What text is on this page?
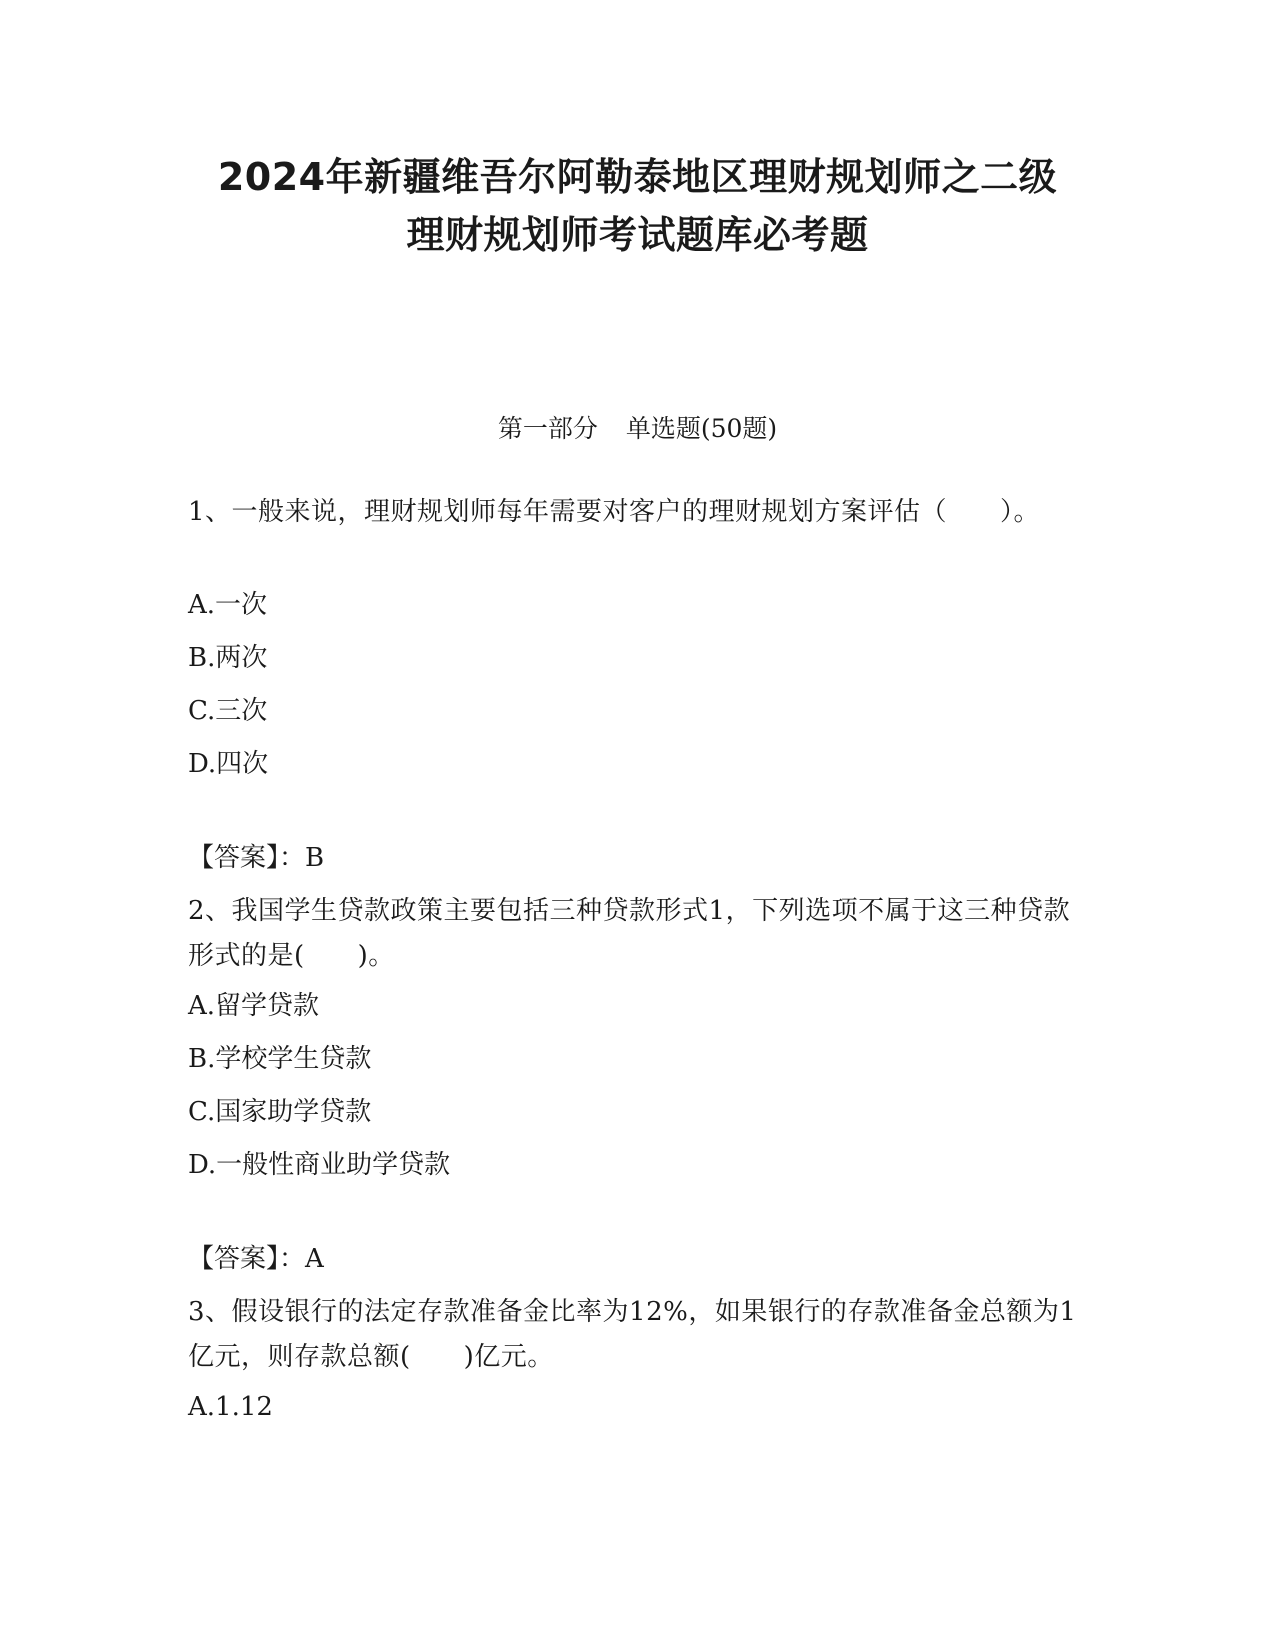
2024年新疆维吾尔阿勒泰地区理财规划师之二级
理财规划师考试题库必考题
第一部分 单选题(50题)
1、一般来说，理财规划师每年需要对客户的理财规划方案评估（　　）。
A.一次
B.两次
C.三次
D.四次
【答案】：B
2、我国学生贷款政策主要包括三种贷款形式1，下列选项不属于这三种贷款形式的是(　　)。
A.留学贷款
B.学校学生贷款
C.国家助学贷款
D.一般性商业助学贷款
【答案】：A
3、假设银行的法定存款准备金比率为12%，如果银行的存款准备金总额为1亿元，则存款总额(　　)亿元。
A.1.12
